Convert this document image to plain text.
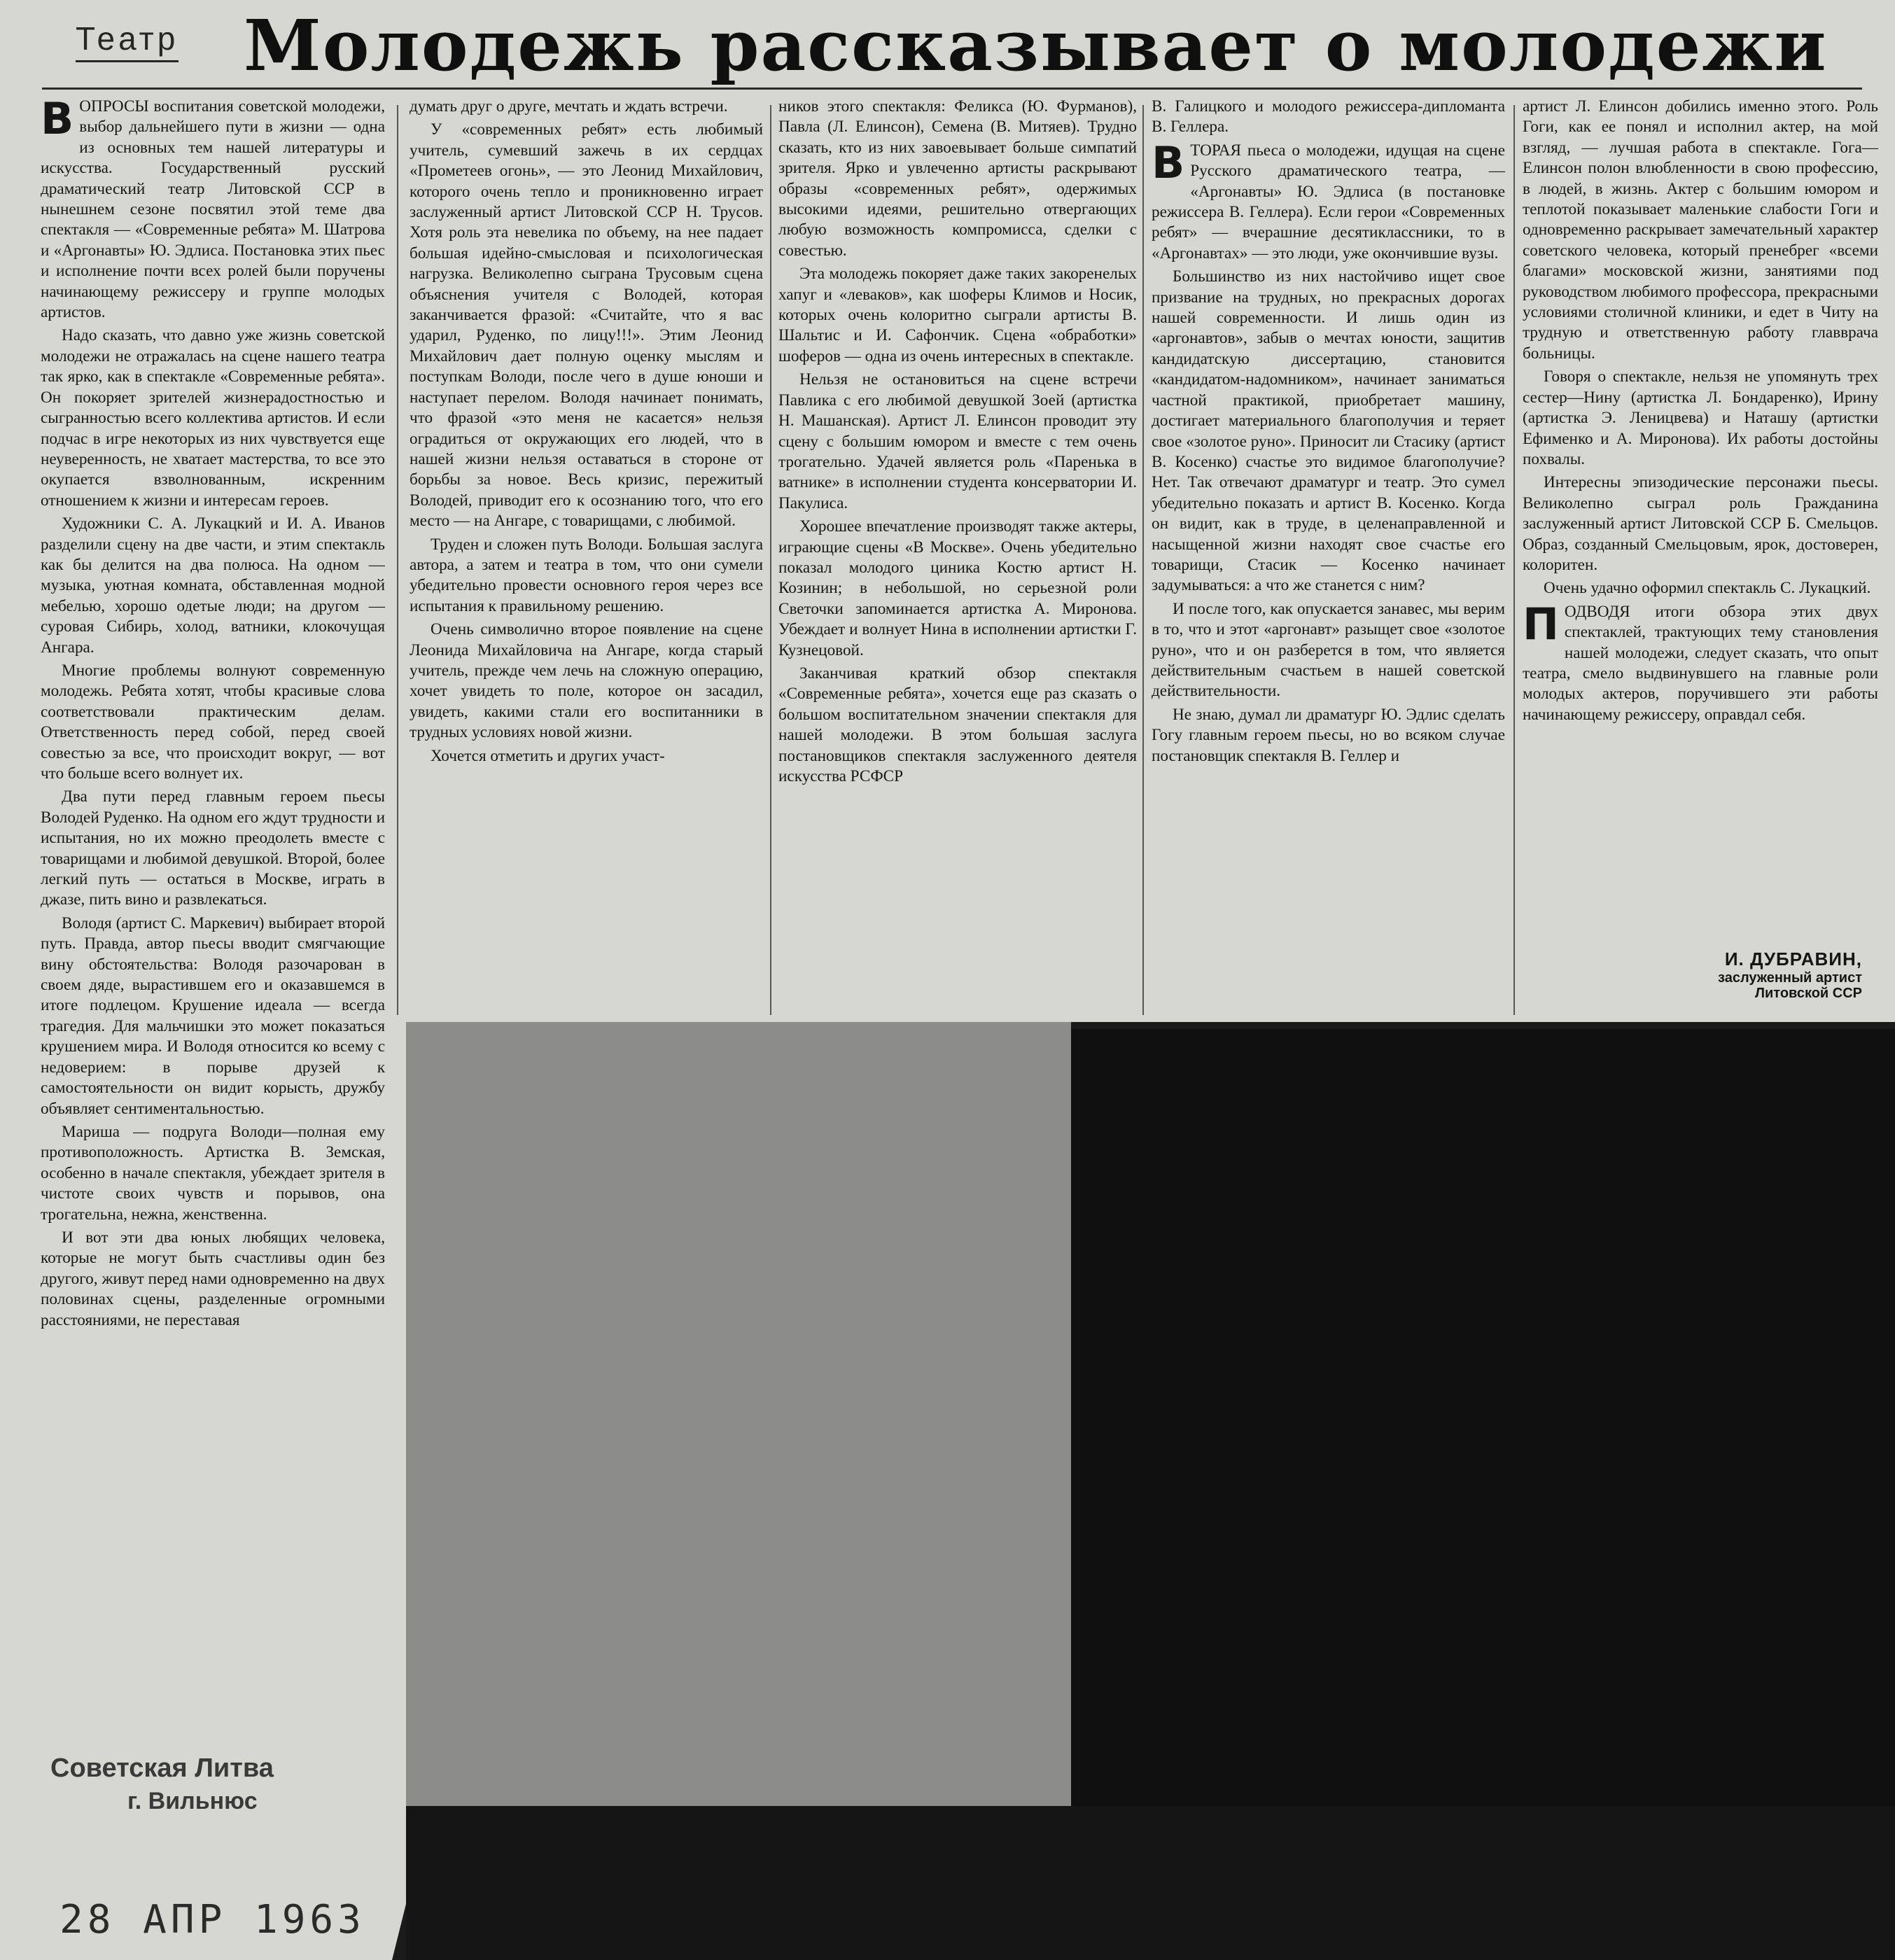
Театр Молодежь рассказывает о молодежи

ВОПРОСЫ воспитания советской молодежи, выбор дальнейшего пути в жизни — одна из основных тем нашей литературы и искусства. Государственный русский драматический театр Литовской ССР в нынешнем сезоне посвятил этой теме два спектакля — «Современные ребята» М. Шатрова и «Аргонавты» Ю. Эдлиса. Постановка этих пьес и исполнение почти всех ролей были поручены начинающему режиссеру и группе молодых артистов.

Надо сказать, что давно уже жизнь советской молодежи не отражалась на сцене нашего театра так ярко, как в спектакле «Современные ребята». Он покоряет зрителей жизнерадостностью и сыгранностью всего коллектива артистов. И если подчас в игре некоторых из них чувствуется еще неуверенность, не хватает мастерства, то все это окупается взволнованным, искренним отношением к жизни и интересам героев.

Художники С. А. Лукацкий и И. А. Иванов разделили сцену на две части, и этим спектакль как бы делится на два полюса. На одном — музыка, уютная комната, обставленная модной мебелью, хорошо одетые люди; на другом — суровая Сибирь, холод, ватники, клокочущая Ангара.

Многие проблемы волнуют современную молодежь. Ребята хотят, чтобы красивые слова соответствовали практическим делам. Ответственность перед собой, перед своей совестью за все, что происходит вокруг, — вот что больше всего волнует их.

Два пути перед главным героем пьесы Володей Руденко. На одном его ждут трудности и испытания, но их можно преодолеть вместе с товарищами и любимой девушкой. Второй, более легкий путь — остаться в Москве, играть в джазе, пить вино и развлекаться.

Володя (артист С. Маркевич) выбирает второй путь. Правда, автор пьесы вводит смягчающие вину обстоятельства: Володя разочарован в своем дяде, вырастившем его и оказавшемся в итоге подлецом. Крушение идеала — всегда трагедия. Для мальчишки это может показаться крушением мира. И Володя относится ко всему с недоверием: в порыве друзей к самостоятельности он видит корысть, дружбу объявляет сентиментальностью.

Мариша — подруга Володи—полная ему противоположность. Артистка В. Земская, особенно в начале спектакля, убеждает зрителя в чистоте своих чувств и порывов, она трогательна, нежна, женственна.

И вот эти два юных любящих человека, которые не могут быть счастливы один без другого, живут перед нами одновременно на двух половинах сцены, разделенные огромными расстояниями, не переставая

думать друг о друге, мечтать и ждать встречи.

У «современных ребят» есть любимый учитель, сумевший зажечь в их сердцах «Прометеев огонь», — это Леонид Михайлович, которого очень тепло и проникновенно играет заслуженный артист Литовской ССР Н. Трусов. Хотя роль эта невелика по объему, на нее падает большая идейно-смысловая и психологическая нагрузка. Великолепно сыграна Трусовым сцена объяснения учителя с Володей, которая заканчивается фразой: «Считайте, что я вас ударил, Руденко, по лицу!!!». Этим Леонид Михайлович дает полную оценку мыслям и поступкам Володи, после чего в душе юноши и наступает перелом. Володя начинает понимать, что фразой «это меня не касается» нельзя оградиться от окружающих его людей, что в нашей жизни нельзя оставаться в стороне от борьбы за новое. Весь кризис, пережитый Володей, приводит его к осознанию того, что его место — на Ангаре, с товарищами, с любимой.

Труден и сложен путь Володи. Большая заслуга автора, а затем и театра в том, что они сумели убедительно провести основного героя через все испытания к правильному решению.

Очень символично второе появление на сцене Леонида Михайловича на Ангаре, когда старый учитель, прежде чем лечь на сложную операцию, хочет увидеть то поле, которое он засадил, увидеть, какими стали его воспитанники в трудных условиях новой жизни.

Хочется отметить и других участ-

ников этого спектакля: Феликса (Ю. Фурманов), Павла (Л. Елинсон), Семена (В. Митяев). Трудно сказать, кто из них завоевывает больше симпатий зрителя. Ярко и увлеченно артисты раскрывают образы «современных ребят», одержимых высокими идеями, решительно отвергающих любую возможность компромисса, сделки с совестью.

Эта молодежь покоряет даже таких закоренелых хапуг и «леваков», как шоферы Климов и Носик, которых очень колоритно сыграли артисты В. Шальтис и И. Сафончик. Сцена «обработки» шоферов — одна из очень интересных в спектакле.

Нельзя не остановиться на сцене встречи Павлика с его любимой девушкой Зоей (артистка Н. Машанская). Артист Л. Елинсон проводит эту сцену с большим юмором и вместе с тем очень трогательно. Удачей является роль «Паренька в ватнике» в исполнении студента консерватории И. Пакулиса.

Хорошее впечатление производят также актеры, играющие сцены «В Москве». Очень убедительно показал молодого циника Костю артист Н. Козинин; в небольшой, но серьезной роли Светочки запоминается артистка А. Миронова. Убеждает и волнует Нина в исполнении артистки Г. Кузнецовой.

Заканчивая краткий обзор спектакля «Современные ребята», хочется еще раз сказать о большом воспитательном значении спектакля для нашей молодежи. В этом большая заслуга постановщиков спектакля заслуженного деятеля искусства РСФСР

В. Галицкого и молодого режиссера-дипломанта В. Геллера.

ВТОРАЯ пьеса о молодежи, идущая на сцене Русского драматического театра, — «Аргонавты» Ю. Эдлиса (в постановке режиссера В. Геллера). Если герои «Современных ребят» — вчерашние десятиклассники, то в «Аргонавтах» — это люди, уже окончившие вузы.

Большинство из них настойчиво ищет свое призвание на трудных, но прекрасных дорогах нашей современности. И лишь один из «аргонавтов», забыв о мечтах юности, защитив кандидатскую диссертацию, становится «кандидатом-надомником», начинает заниматься частной практикой, приобретает машину, достигает материального благополучия и теряет свое «золотое руно». Приносит ли Стасику (артист В. Косенко) счастье это видимое благополучие? Нет. Так отвечают драматург и театр. Это сумел убедительно показать и артист В. Косенко. Когда он видит, как в труде, в целенаправленной и насыщенной жизни находят свое счастье его товарищи, Стасик — Косенко начинает задумываться: а что же станется с ним?

И после того, как опускается занавес, мы верим в то, что и этот «аргонавт» разыщет свое «золотое руно», что и он разберется в том, что является действительным счастьем в нашей советской действительности.

Не знаю, думал ли драматург Ю. Эдлис сделать Гогу главным героем пьесы, но во всяком случае постановщик спектакля В. Геллер и

артист Л. Елинсон добились именно этого. Роль Гоги, как ее понял и исполнил актер, на мой взгляд, — лучшая работа в спектакле. Гога—Елинсон полон влюбленности в свою профессию, в людей, в жизнь. Актер с большим юмором и теплотой показывает маленькие слабости Гоги и одновременно раскрывает замечательный характер советского человека, который пренебрег «всеми благами» московской жизни, занятиями под руководством любимого профессора, прекрасными условиями столичной клиники, и едет в Читу на трудную и ответственную работу главврача больницы.

Говоря о спектакле, нельзя не упомянуть трех сестер—Нину (артистка Л. Бондаренко), Ирину (артистка Э. Леницвева) и Наташу (артистки Ефименко и А. Миронова). Их работы достойны похвалы.

Интересны эпизодические персонажи пьесы. Великолепно сыграл роль Гражданина заслуженный артист Литовской ССР Б. Смельцов. Образ, созданный Смельцовым, ярок, достоверен, колоритен.

Очень удачно оформил спектакль С. Лукацкий.

ПОДВОДЯ итоги обзора этих двух спектаклей, трактующих тему становления нашей молодежи, следует сказать, что опыт театра, смело выдвинувшего на главные роли молодых актеров, поручившего эти работы начинающему режиссеру, оправдал себя.

И. ДУБРАВИН,
заслуженный артист
Литовской ССР
Советская Литва
г. Вильнюс
28 АПР 1963
